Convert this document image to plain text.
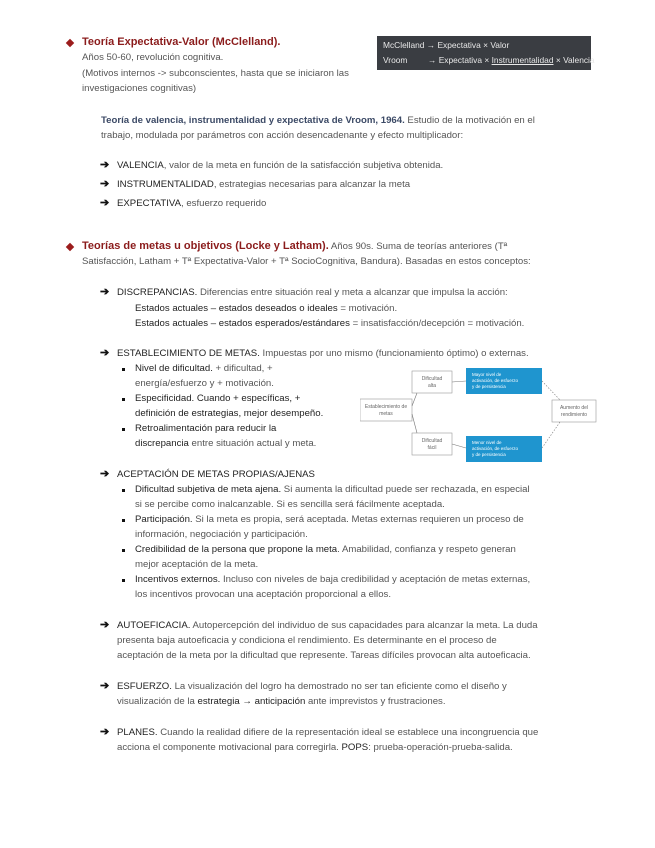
Teoría Expectativa-Valor (McClelland).
Años 50-60, revolución cognitiva.
(Motivos internos -> subconscientes, hasta que se iniciaron las
investigaciones cognitivas)
McClelland → Expectativa × Valor
Vroom → Expectativa × Instrumentalidad × Valencia
Teoría de valencia, instrumentalidad y expectativa de Vroom, 1964. Estudio de la motivación en el
trabajo, modulada por parámetros con acción desencadenante y efecto multiplicador:
➔ VALENCIA, valor de la meta en función de la satisfacción subjetiva obtenida.
➔ INSTRUMENTALIDAD, estrategias necesarias para alcanzar la meta
➔ EXPECTATIVA, esfuerzo requerido
Teorías de metas u objetivos (Locke y Latham). Años 90s. Suma de teorías anteriores (Tª
Satisfacción, Latham + Tª Expectativa-Valor + Tª SocioCognitiva, Bandura). Basadas en estos conceptos:
➔ DISCREPANCIAS. Diferencias entre situación real y meta a alcanzar que impulsa la acción:
Estados actuales – estados deseados o ideales = motivación.
Estados actuales – estados esperados/estándares = insatisfacción/decepción = motivación.
➔ ESTABLECIMIENTO DE METAS. Impuestas por uno mismo (funcionamiento óptimo) o externas.
Nivel de dificultad. + dificultad, +
energía/esfuerzo y + motivación.
Especificidad. Cuando + específicas, +
definición de estrategias, mejor desempeño.
Retroalimentación para reducir la
discrepancia entre situación actual y meta.
Establecimiento de metas
Dificultad alta
Dificultad fácil
Mayor nivel de activación, de esfuerzo y de persistencia
Menor nivel de activación, de esfuerzo y de persistencia
Aumento del rendimiento
➔ ACEPTACIÓN DE METAS PROPIAS/AJENAS
Dificultad subjetiva de meta ajena. Si aumenta la dificultad puede ser rechazada, en especial
si se percibe como inalcanzable. Si es sencilla será fácilmente aceptada.
Participación. Si la meta es propia, será aceptada. Metas externas requieren un proceso de
información, negociación y participación.
Credibilidad de la persona que propone la meta. Amabilidad, confianza y respeto generan
mejor aceptación de la meta.
Incentivos externos. Incluso con niveles de baja credibilidad y aceptación de metas externas,
los incentivos provocan una aceptación proporcional a ellos.
➔ AUTOEFICACIA. Autopercepción del individuo de sus capacidades para alcanzar la meta. La duda
presenta baja autoeficacia y condiciona el rendimiento. Es determinante en el proceso de
aceptación de la meta por la dificultad que represente. Tareas difíciles provocan alta autoeficacia.
➔ ESFUERZO. La visualización del logro ha demostrado no ser tan eficiente como el diseño y
visualización de la estrategia → anticipación ante imprevistos y frustraciones.
➔ PLANES. Cuando la realidad difiere de la representación ideal se establece una incongruencia que
acciona el componente motivacional para corregirla. POPS: prueba-operación-prueba-salida.
